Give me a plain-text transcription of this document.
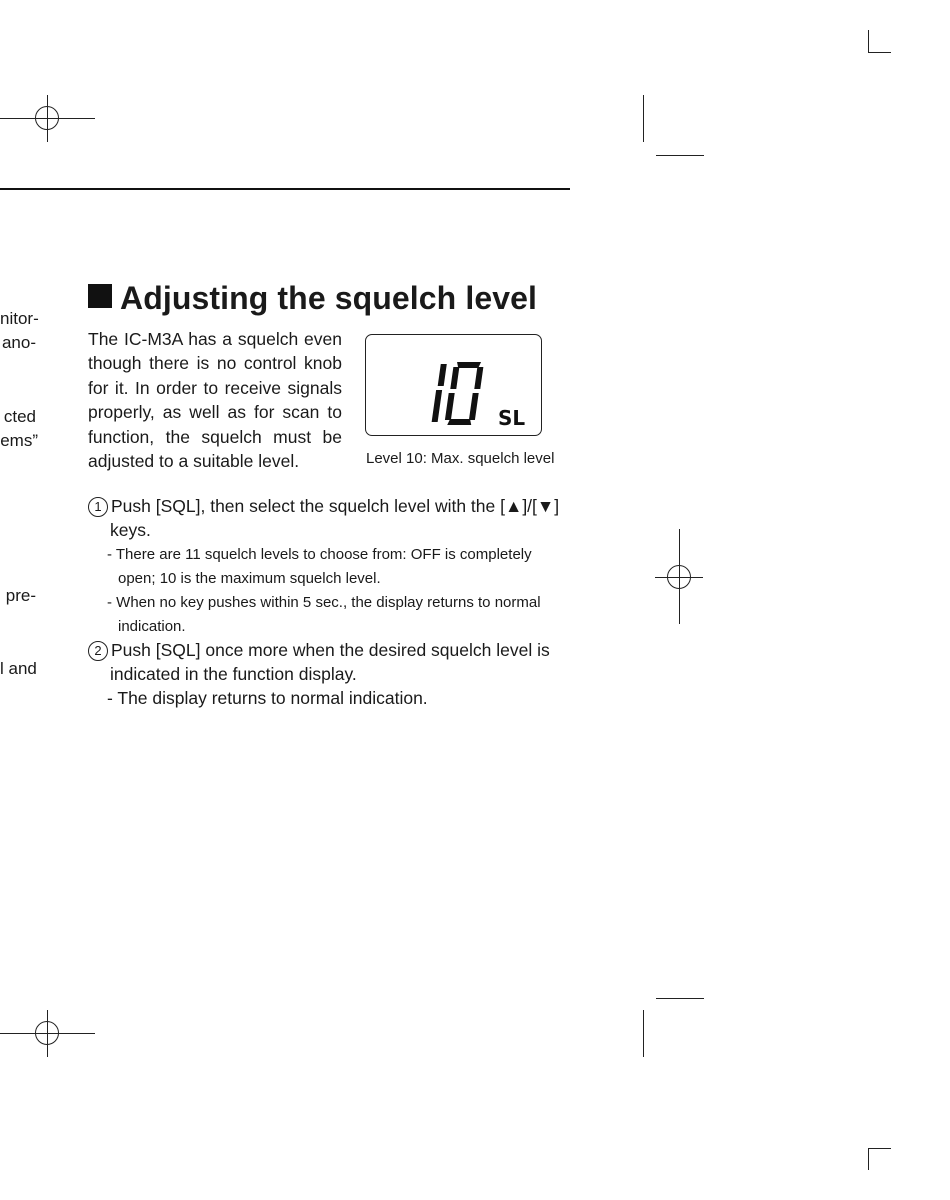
nitor-
ano-
cted
ems”
pre-
l and
Adjusting the squelch level
The IC-M3A has a squelch even
though there is no control knob
for it. In order to receive signals
properly, as well as for scan to
function, the squelch must be
adjusted to a suitable level.
SL
Level 10: Max. squelch level
1 Push [SQL], then select the squelch level with the [▲]/[▼]
keys.
- There are 11 squelch levels to choose from: OFF is completely
open; 10 is the maximum squelch level.
- When no key pushes within 5 sec., the display returns to normal
indication.
2 Push [SQL] once more when the desired squelch level is
indicated in the function display.
- The display returns to normal indication.
